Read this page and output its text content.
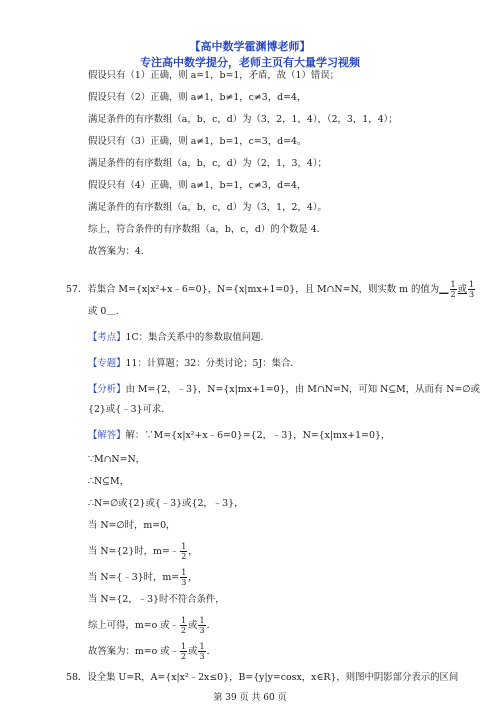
【高中数学霍渊博老师】
专注高中数学提分，老师主页有大量学习视频
假设只有（1）正确，则 a=1，b=1，矛盾，故（1）错误；
假设只有（2）正确，则 a≠1，b≠1，c≠3，d=4，
满足条件的有序数组（a，b，c，d）为（3，2，1，4），（2，3，1，4）；
假设只有（3）正确，则 a≠1，b=1，c=3，d=4。
满足条件的有序数组（a，b，c，d）为（2，1，3，4）；
假设只有（4）正确，则 a≠1，b=1，c≠3，d=4，
满足条件的有序数组（a，b，c，d）为（3，1，2，4）。
综上，符合条件的有序数组（a，b，c，d）的个数是 4．
故答案为：4．
57．若集合 M={x|x²+x﹣6=0}，N={x|mx+1=0}，且 M∩N=N，则实数 m 的值为＿ $\frac{1}{2}$ 或 $\frac{1}{3}$
或 0＿．
【考点】1C：集合关系中的参数取值问题．
【专题】11：计算题；32：分类讨论；5J：集合．
【分析】由 M={2，﹣3}，N={x|mx+1=0}，由 M∩N=N，可知 N⊆M，从而有 N=∅或
{2}或{﹣3}可求．
【解答】解：∵M={x|x²+x﹣6=0}={2，﹣3}，N={x|mx+1=0}，
∵M∩N=N，
∴N⊆M，
∴N=∅或{2}或{﹣3}或{2，﹣3}，
当 N=∅时，m=0，
当 N={2}时，m=﹣ $\frac{1}{2}$ ，
当 N={﹣3}时，$m= \frac{1}{3}$ ，
当 N={2，﹣3}时不符合条件，
综上可得，m=o 或﹣ $\frac{1}{2}$ 或 $\frac{1}{3}$ ．
故答案为：m=o 或﹣ $\frac{1}{2}$ 或 $\frac{1}{3}$ ．
58．设全集 U=R，A={x|x²﹣2x≤0}，B={y|y=cosx，x∈R}，则图中阴影部分表示的区间
第 39 页 共 60 页
